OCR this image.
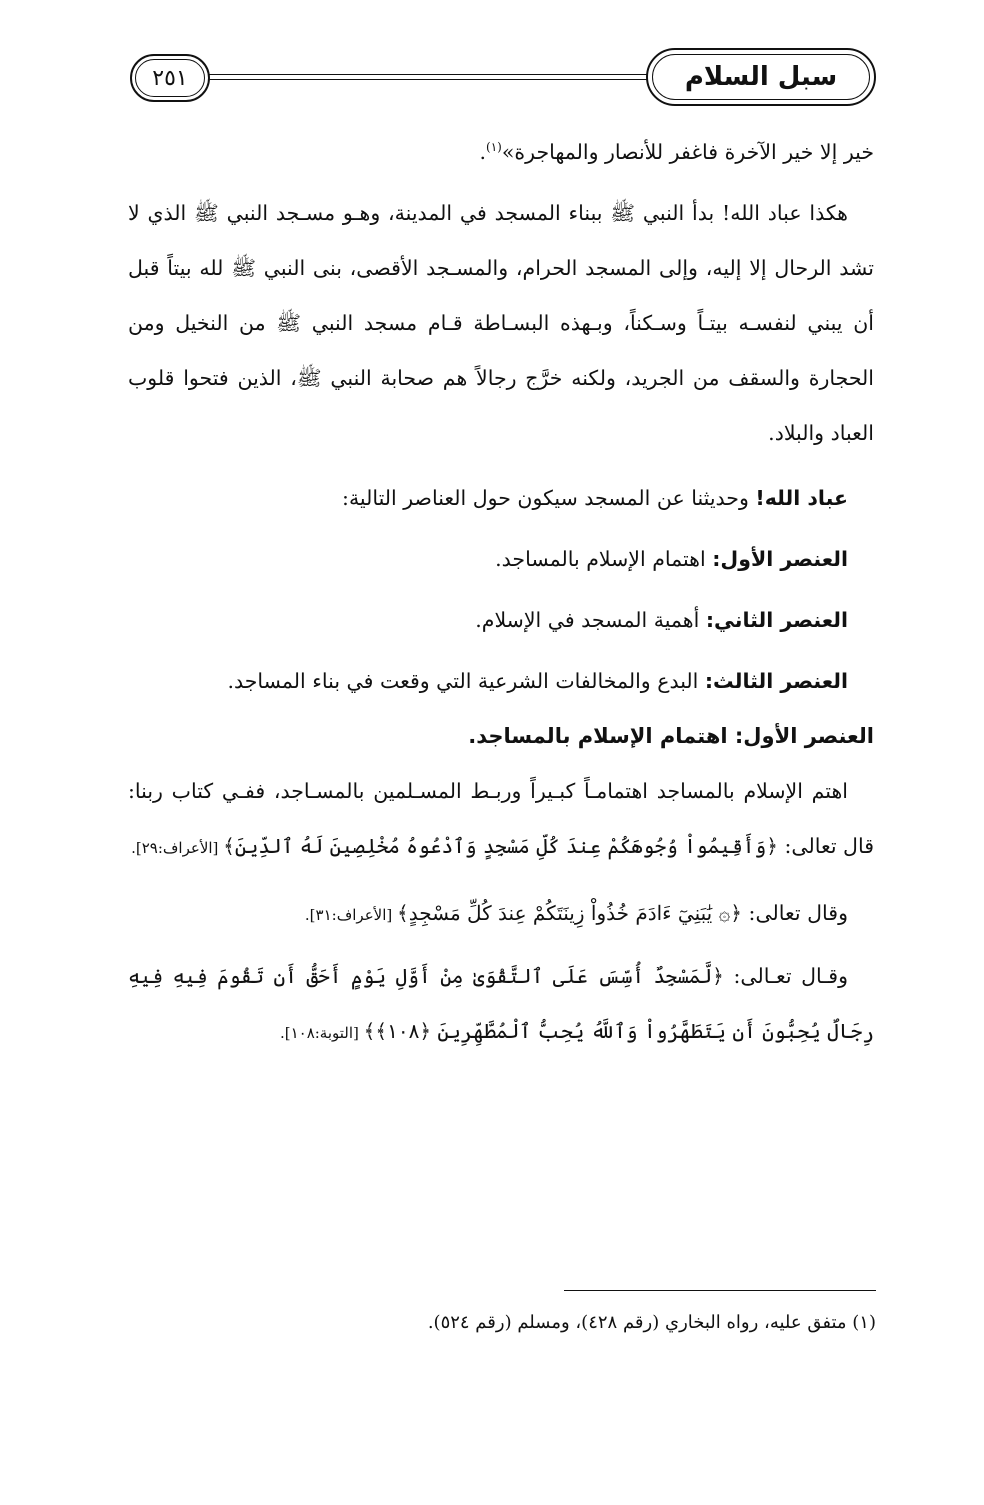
سبل السلام
٢٥١

خير إلا خير الآخرة فاغفر للأنصار والمهاجرة»$^{(١)}$.

هكذا عباد الله! بدأ النبي ﷺ ببناء المسجد في المدينة، وهـو مسـجد النبي ﷺ الذي لا تشد الرحال إلا إليه، وإلى المسجد الحرام، والمسـجد الأقصى، بنى النبي ﷺ لله بيتاً قبل أن يبني لنفسـه بيتـاً وسـكناً، وبـهذه البسـاطة قـام مسجد النبي ﷺ من النخيل ومن الحجارة والسقف من الجريد، ولكنه خرَّج رجالاً هم صحابة النبي ﷺ، الذين فتحوا قلوب العباد والبلاد.

عباد الله! وحديثنا عن المسجد سيكون حول العناصر التالية:

العنصر الأول: اهتمام الإسلام بالمساجد.

العنصر الثاني: أهمية المسجد في الإسلام.

العنصر الثالث: البدع والمخالفات الشرعية التي وقعت في بناء المساجد.

العنصر الأول: اهتمام الإسلام بالمساجد.

اهتم الإسلام بالمساجد اهتمامـاً كبـيراً وربـط المسـلمين بالمسـاجد، ففـي كتاب ربنا: قال تعالى: ﴿وَأَقِيمُواْ وُجُوهَكُمْ عِندَ كُلِّ مَسْجِدٍ وَٱدْعُوهُ مُخْلِصِينَ لَهُ ٱلدِّينَ﴾ [الأعراف:٢٩].

وقال تعالى: ﴿۞ يَٰبَنِيٓ ءَادَمَ خُذُواْ زِينَتَكُمْ عِندَ كُلِّ مَسْجِدٍ﴾ [الأعراف:٣١].

وقـال تعـالى: ﴿لَّمَسْجِدٌ أُسِّسَ عَلَى ٱلتَّقْوَىٰ مِنْ أَوَّلِ يَوْمٍ أَحَقُّ أَن تَقُومَ فِيهِ فِيهِ رِجَالٌ يُحِبُّونَ أَن يَتَطَهَّرُواْ وَٱللَّهُ يُحِبُّ ٱلْمُطَّهِّرِينَ ﴿١٠٨﴾﴾ [التوبة:١٠٨].

(١) متفق عليه، رواه البخاري (رقم ٤٢٨)، ومسلم (رقم ٥٢٤).
